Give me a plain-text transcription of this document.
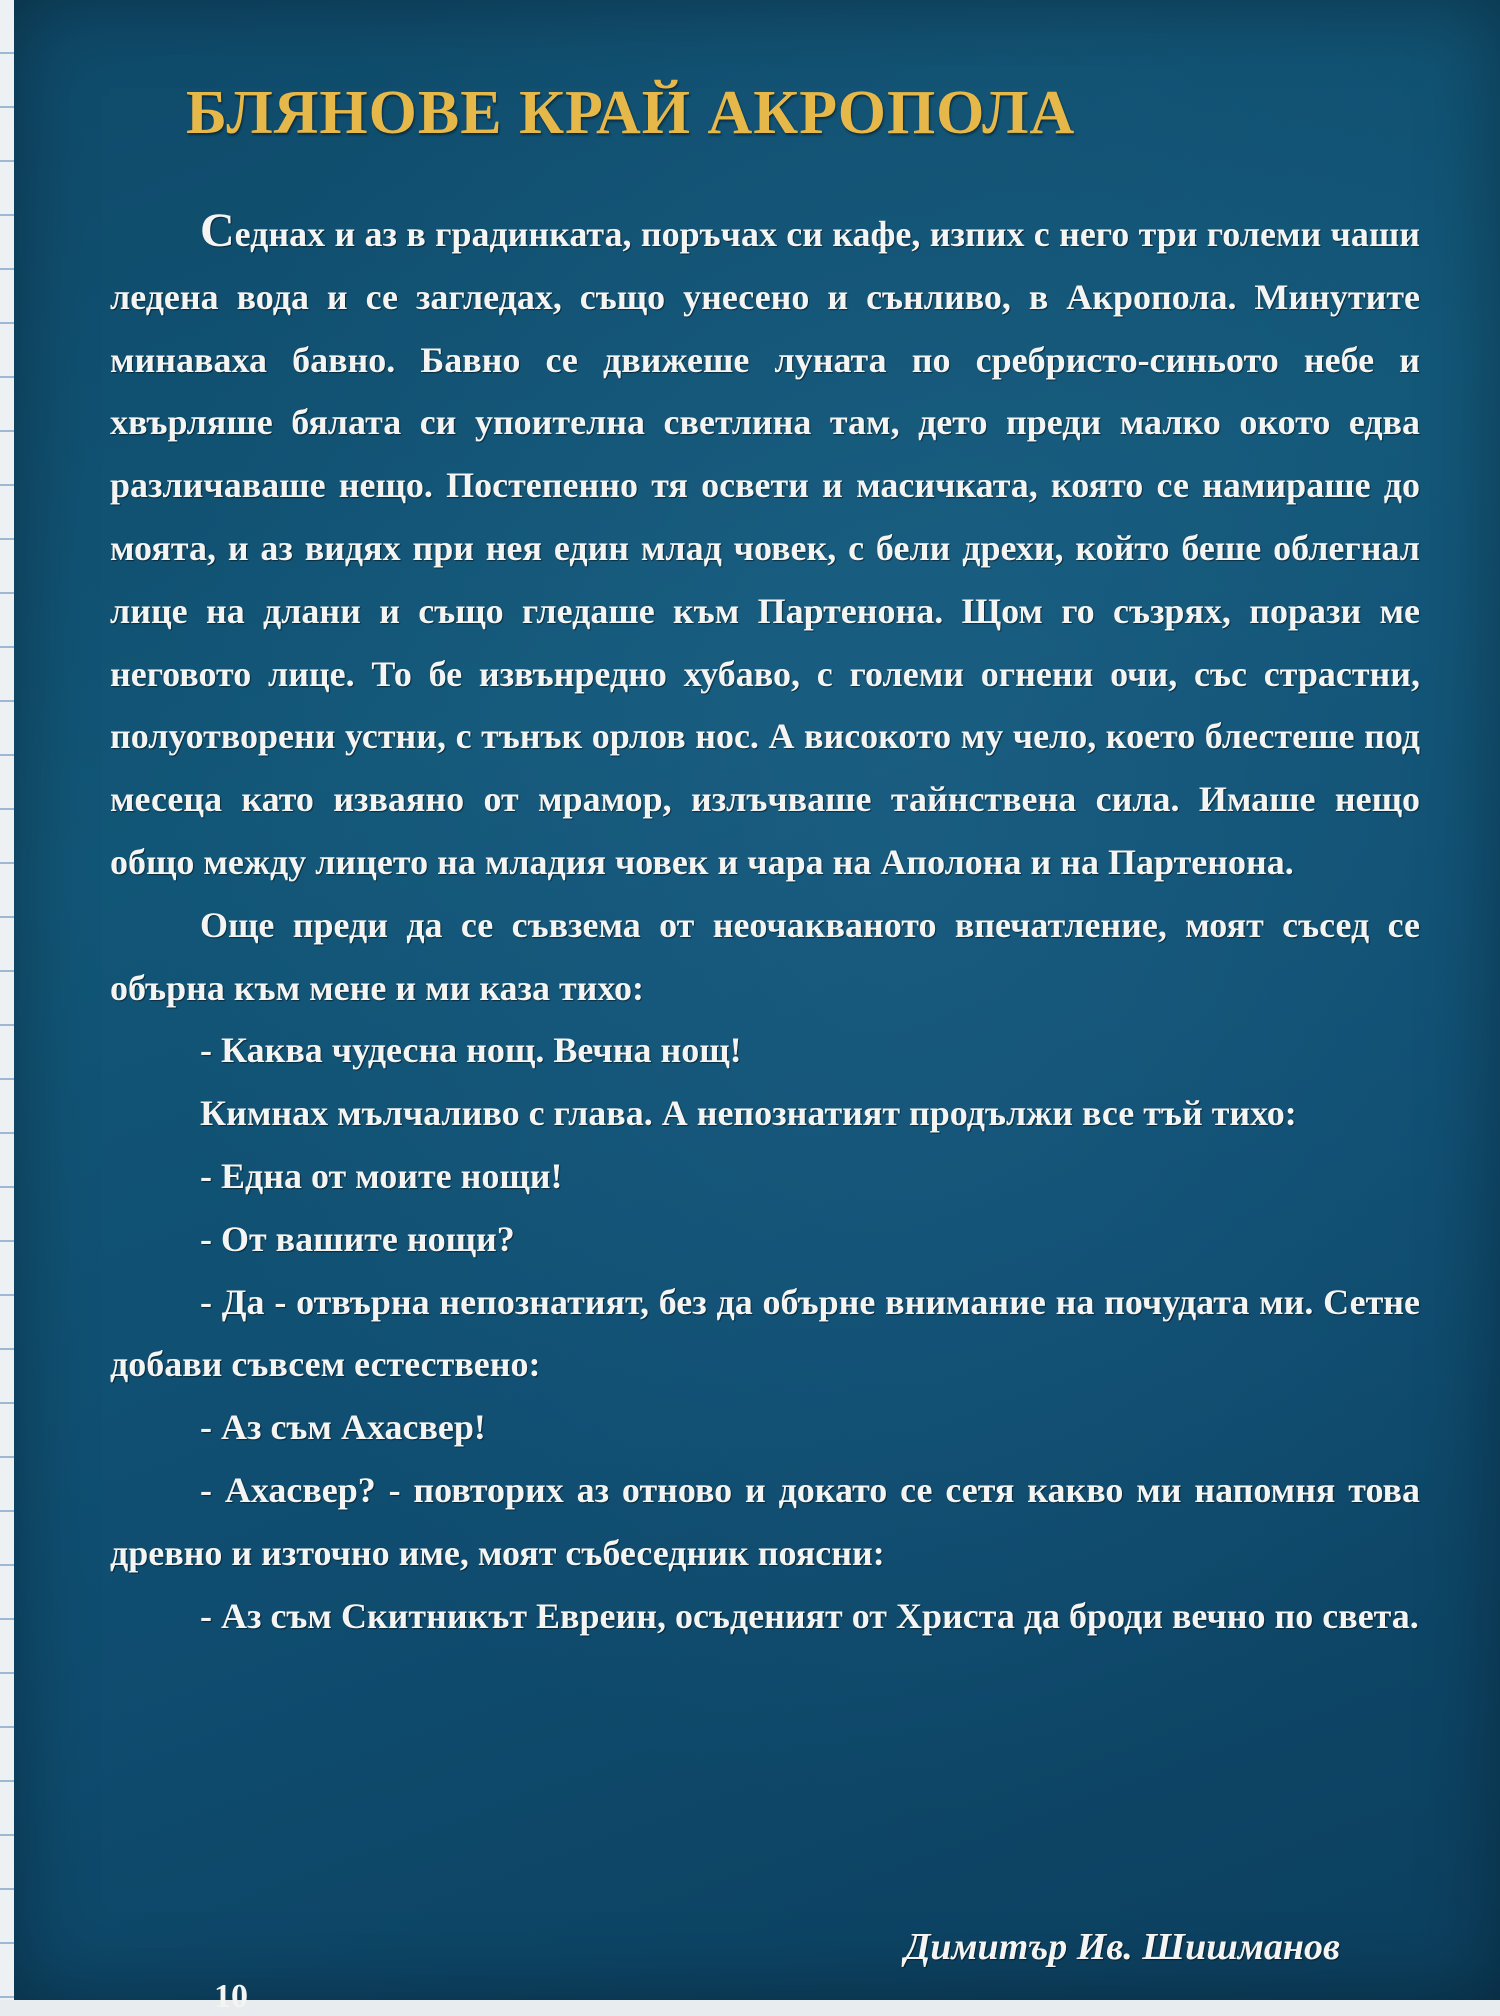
БЛЯНОВЕ КРАЙ АКРОПОЛА

Седнах и аз в градинката, поръчах си кафе, изпих с него три големи чаши ледена вода и се загледах, също унесено и сънливо, в Акропола. Минутите минаваха бавно. Бавно се движеше луната по сребристо-синьото небе и хвърляше бялата си упоителна светлина там, дето преди малко окото едва различаваше нещо. Постепенно тя освети и масичката, която се намираше до моята, и аз видях при нея един млад човек, с бели дрехи, който беше облегнал лице на длани и също гледаше към Партенона. Щом го съзрях, порази ме неговото лице. То бе извънредно хубаво, с големи огнени очи, със страстни, полуотворени устни, с тънък орлов нос. А високото му чело, което блестеше под месеца като изваяно от мрамор, излъчваше тайнствена сила. Имаше нещо общо между лицето на младия човек и чара на Аполона и на Партенона.

Още преди да се съвзема от неочакваното впечатление, моят съсед се обърна към мене и ми каза тихо:

- Каква чудесна нощ. Вечна нощ!

Кимнах мълчаливо с глава. А непознатият продължи все тъй тихо:

- Една от моите нощи!

- От вашите нощи?

- Да - отвърна непознатият, без да обърне внимание на почудата ми. Сетне добави съвсем естествено:

- Аз съм Ахасвер!

- Ахасвер? - повторих аз отново и докато се сетя какво ми напомня това древно и източно име, моят събеседник поясни:

- Аз съм Скитникът Евреин, осъденият от Христа да броди вечно по света.

Димитър Ив. Шишманов

10
